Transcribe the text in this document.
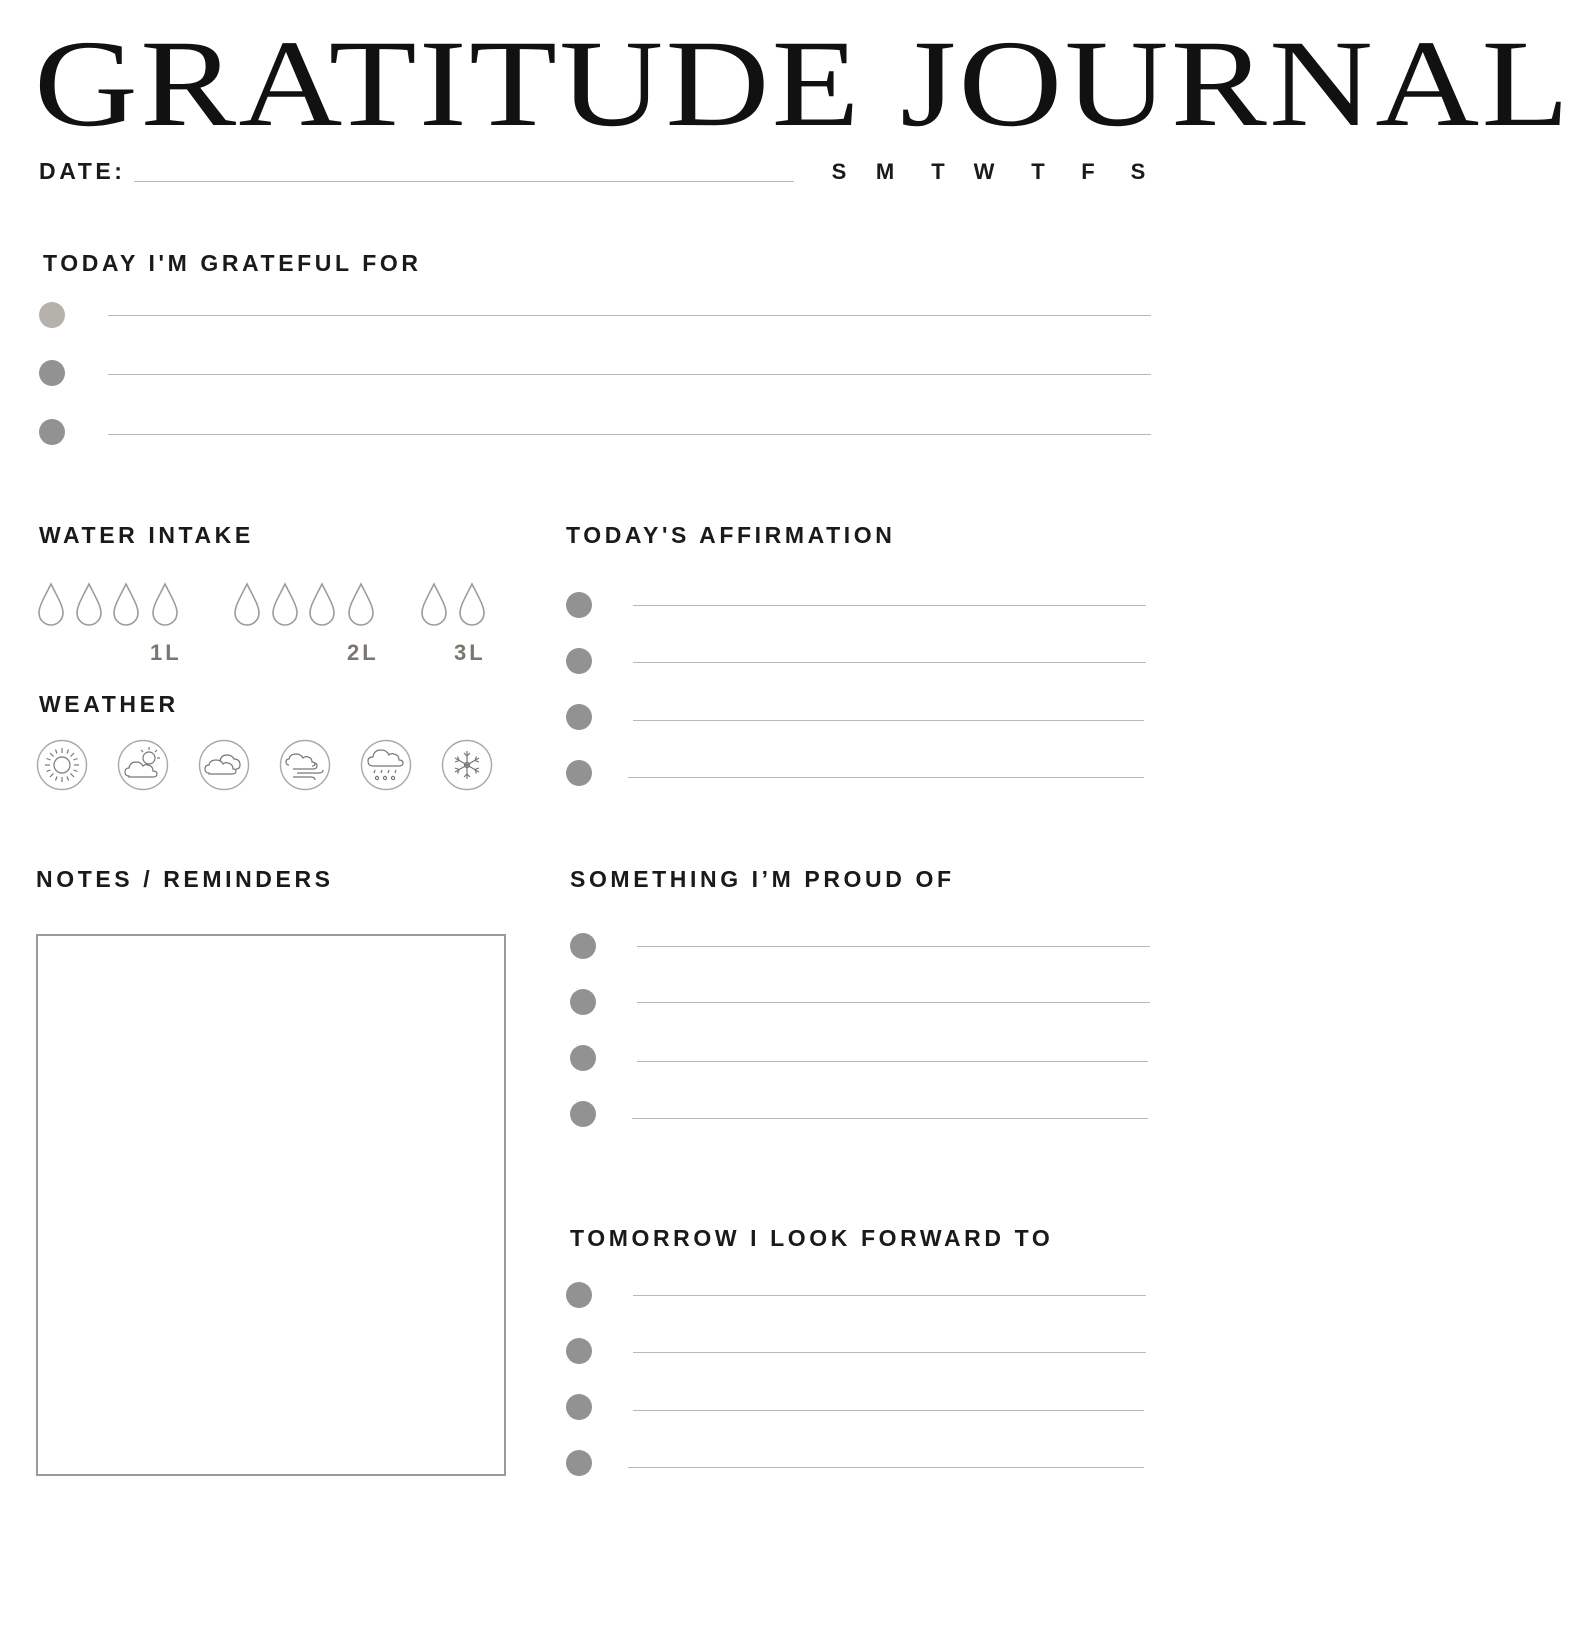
GRATITUDE JOURNAL
DATE:	S	M	T	W	T	F	S
TODAY I'M GRATEFUL FOR
WATER INTAKE
1L	2L	3L
WEATHER
TODAY'S AFFIRMATION
NOTES / REMINDERS	SOMETHING I’M PROUD OF
TOMORROW I LOOK FORWARD TO
